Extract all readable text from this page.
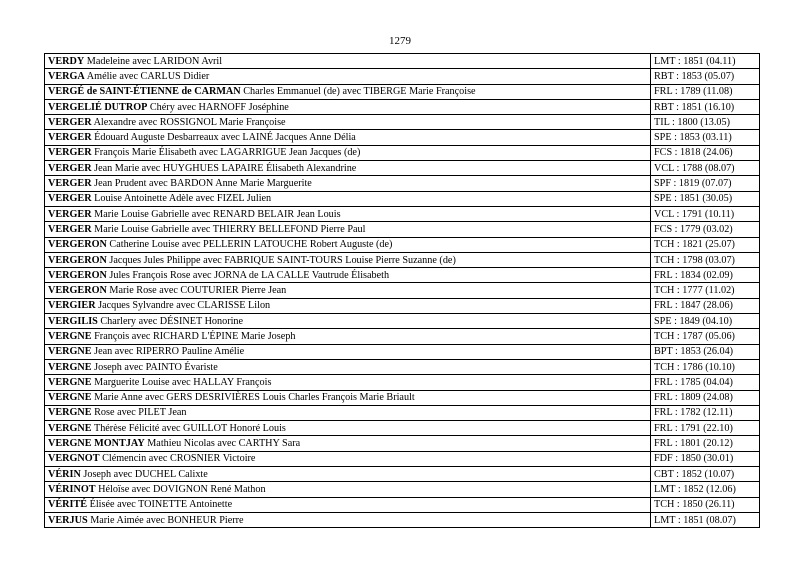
1279
VERDY Madeleine avec LARIDON Avril	LMT : 1851 (04.11)
VERGA Amélie avec CARLUS Didier	RBT : 1853 (05.07)
VERGÉ de SAINT-ÉTIENNE de CARMAN Charles Emmanuel (de) avec TIBERGE Marie Françoise	FRL : 1789 (11.08)
VERGELIÉ DUTROP Chéry avec HARNOFF Joséphine	RBT : 1851 (16.10)
VERGER Alexandre avec ROSSIGNOL Marie Françoise	TIL : 1800 (13.05)
VERGER Édouard Auguste Desbarreaux avec LAINÉ Jacques Anne Délia	SPE : 1853 (03.11)
VERGER François Marie Élisabeth avec LAGARRIGUE Jean Jacques (de)	FCS : 1818 (24.06)
VERGER Jean Marie avec HUYGHUES LAPAIRE Élisabeth Alexandrine	VCL : 1788 (08.07)
VERGER Jean Prudent avec BARDON Anne Marie Marguerite	SPF : 1819 (07.07)
VERGER Louise Antoinette Adèle avec FIZEL Julien	SPE : 1851 (30.05)
VERGER Marie Louise Gabrielle avec RENARD BELAIR Jean Louis	VCL : 1791 (10.11)
VERGER Marie Louise Gabrielle avec THIERRY BELLEFOND Pierre Paul	FCS : 1779 (03.02)
VERGERON Catherine Louise avec PELLERIN LATOUCHE Robert Auguste (de)	TCH : 1821 (25.07)
VERGERON Jacques Jules Philippe avec FABRIQUE SAINT-TOURS Louise Pierre Suzanne (de)	TCH : 1798 (03.07)
VERGERON Jules François Rose avec JORNA de LA CALLE Vautrude Élisabeth	FRL : 1834 (02.09)
VERGERON Marie Rose avec COUTURIER Pierre Jean	TCH : 1777 (11.02)
VERGIER Jacques Sylvandre avec CLARISSE Lilon	FRL : 1847 (28.06)
VERGILIS Charlery avec DÉSINET Honorine	SPE : 1849 (04.10)
VERGNE François avec RICHARD L'ÉPINE Marie Joseph	TCH : 1787 (05.06)
VERGNE Jean avec RIPERRO Pauline Amélie	BPT : 1853 (26.04)
VERGNE Joseph avec PAINTO Évariste	TCH : 1786 (10.10)
VERGNE Marguerite Louise avec HALLAY François	FRL : 1785 (04.04)
VERGNE Marie Anne avec GERS DESRIVIÈRES Louis Charles François Marie Briault	FRL : 1809 (24.08)
VERGNE Rose avec PILET Jean	FRL : 1782 (12.11)
VERGNE Thérèse Félicité avec GUILLOT Honoré Louis	FRL : 1791 (22.10)
VERGNE MONTJAY Mathieu Nicolas avec CARTHY Sara	FRL : 1801 (20.12)
VERGNOT Clémencin avec CROSNIER Victoire	FDF : 1850 (30.01)
VÉRIN Joseph avec DUCHEL Calixte	CBT : 1852 (10.07)
VÉRINOT Héloïse avec DOVIGNON René Mathon	LMT : 1852 (12.06)
VÉRITÉ Élisée avec TOINETTE Antoinette	TCH : 1850 (26.11)
VERJUS Marie Aimée avec BONHEUR Pierre	LMT : 1851 (08.07)
